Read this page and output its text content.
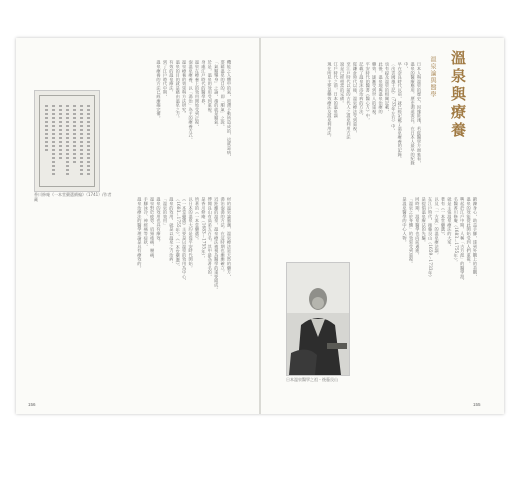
溫泉與療養
溫泉論與醫學
日本人與溫泉的歷史，因緣匪淺，若從醫學方面來看，
溫泉的醫療應用，歷史淵遠流長。在日本人最早的紀錄中，
早在奈良時代以前，就已經記載了溫泉療養的記錄。
〈出雲國風土記〉（733年左右）中，
也有提及溫泉的相關記載，
此後，溫泉地與溫泉治療的
藥效，逐漸受到世人的重視。
平安時代的醫書《醫心方》中，
記載了溫泉沐浴治病的方法，
從鎌倉時代以後，溫泉療法受到重視，
至江戶時代以前的古代人之溫泉利用方法
說是已經相當的完備。
江戶時代之前，日本的溫泉論
現在所見主要是藥效療法及溫泉利用法。
鍛鍊身心，助益手腳，達到外觀上的美觀，
溫泉的效能從此開始受到人們重視。
興起於江戶中期，人稱「古方派」的醫學派，
名醫香川修庵（1683～1755年），
就是主張溫泉療法的大家，
著有《一本堂藥選》，
以及「一方流」的溫泉療法論，
在江戶時代，後藤艮山（1659～1733年）
是提倡溫泉療法的先驅。
同時期，溫泉醫學也向前邁進，
「溫泉之於身體」的效果受到重視。
是溫泉醫學的中心人物。
日本溫泉醫學之祖・後藤艮山
155
機能之人體中的氣，留滯不動所造成的，這就是病，
要藉溫泉的目的，即「順氣」之說。
「氣順樂身」之論，指的就是順氣。
於是，溫泉的效用受到重視。
身處江戶時代的醫學界，
溫泉在療養上的效用開始受到正視，
泡溫泉療養，以「湯治」為主的療養方式，
溫泉療養的效果與方法研究。
溫泉的目的就是藉由溫泉之力。
有效的溫泉療法，
到了江戶時代中期，
溫泉療養的方法已經漸趨完備。
材的溫泉論風潮，溫泉療法是天然的藥方，
湯治泡湯的方法，在這時期也漸漸確立，
近距離的溫泉，溫泉療法被視為醫學的重要組成。
傳聞良山有高弟五百名，其中最為著名的，
是香川修庵（1683～1755年），
所著的《一本堂藥選》。
以日本的溫泉大約是從平安時代開始，
《一本堂藥選》主要是以溫泉的效用為中心，
（1683～1755年），《一本堂藥選》，
溫泉的效用，就是以溫泉之力治病，
「溫泉的效用」
溫泉的效用也具有療效，
溫泉對於疲勞、肩頸痠痛、腰痛、
手腳冰冷、神經痛等症狀，
溫泉治療法的醫學理論是具有療效的。
香川修庵《一本堂藥選續編》（1741）/作者藏
156
